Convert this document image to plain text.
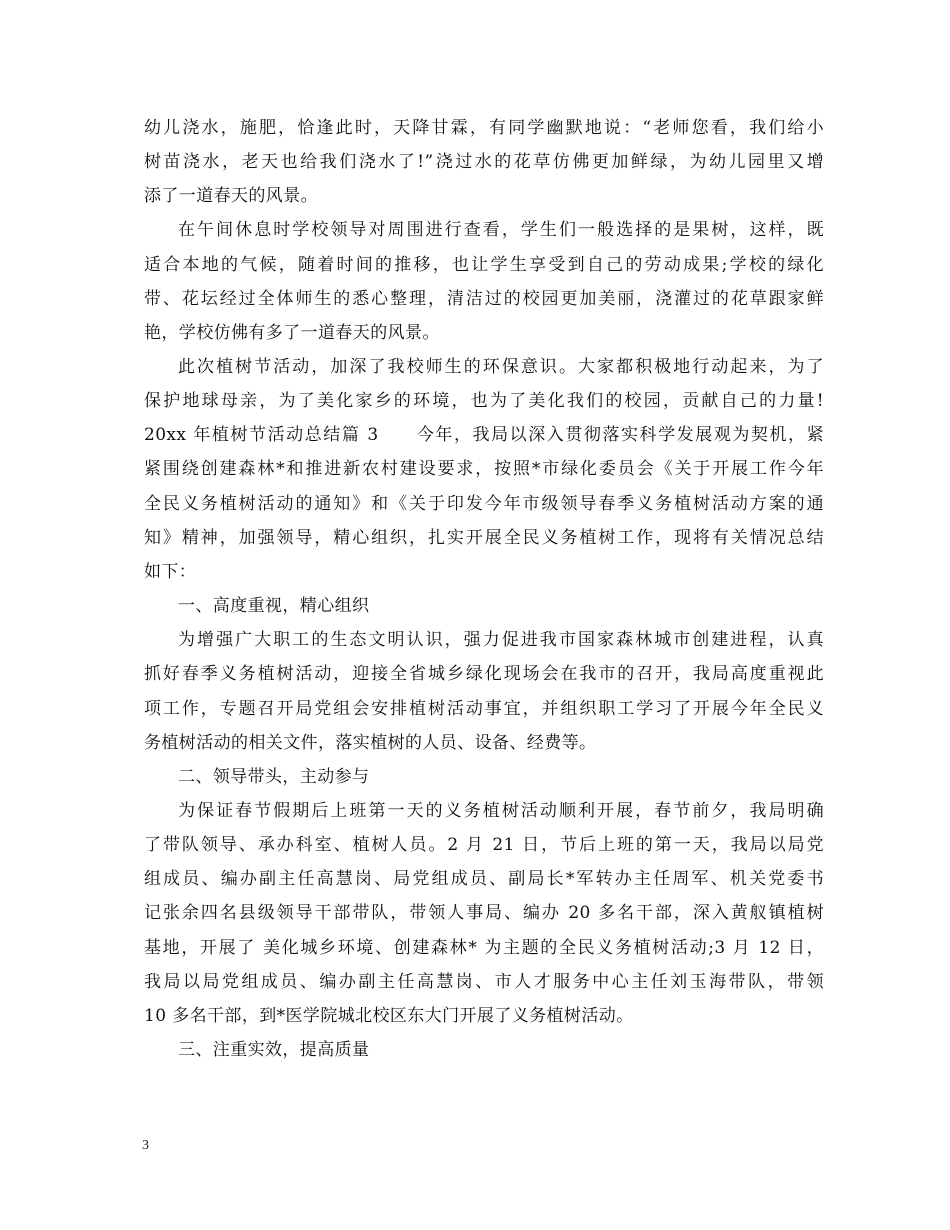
幼儿浇水，施肥，恰逢此时，天降甘霖，有同学幽默地说：“老师您看，我们给小
树苗浇水，老天也给我们浇水了!”浇过水的花草仿佛更加鲜绿，为幼儿园里又增
添了一道春天的风景。
在午间休息时学校领导对周围进行查看，学生们一般选择的是果树，这样，既
适合本地的气候，随着时间的推移，也让学生享受到自己的劳动成果;学校的绿化
带、花坛经过全体师生的悉心整理，清洁过的校园更加美丽，浇灌过的花草跟家鲜
艳，学校仿佛有多了一道春天的风景。
此次植树节活动，加深了我校师生的环保意识。大家都积极地行动起来，为了
保护地球母亲，为了美化家乡的环境，也为了美化我们的校园，贡献自己的力量!
20xx 年植树节活动总结篇 3　　今年，我局以深入贯彻落实科学发展观为契机，紧
紧围绕创建森林*和推进新农村建设要求，按照*市绿化委员会《关于开展工作今年
全民义务植树活动的通知》和《关于印发今年市级领导春季义务植树活动方案的通
知》精神，加强领导，精心组织，扎实开展全民义务植树工作，现将有关情况总结
如下：
一、高度重视，精心组织
为增强广大职工的生态文明认识，强力促进我市国家森林城市创建进程，认真
抓好春季义务植树活动，迎接全省城乡绿化现场会在我市的召开，我局高度重视此
项工作，专题召开局党组会安排植树活动事宜，并组织职工学习了开展今年全民义
务植树活动的相关文件，落实植树的人员、设备、经费等。
二、领导带头，主动参与
为保证春节假期后上班第一天的义务植树活动顺利开展，春节前夕，我局明确
了带队领导、承办科室、植树人员。2 月 21 日，节后上班的第一天，我局以局党
组成员、编办副主任高慧岗、局党组成员、副局长*军转办主任周军、机关党委书
记张余四名县级领导干部带队，带领人事局、编办 20 多名干部，深入黄舣镇植树
基地，开展了 美化城乡环境、创建森林* 为主题的全民义务植树活动;3 月 12 日，
我局以局党组成员、编办副主任高慧岗、市人才服务中心主任刘玉海带队，带领
10 多名干部，到*医学院城北校区东大门开展了义务植树活动。
三、注重实效，提高质量
3
